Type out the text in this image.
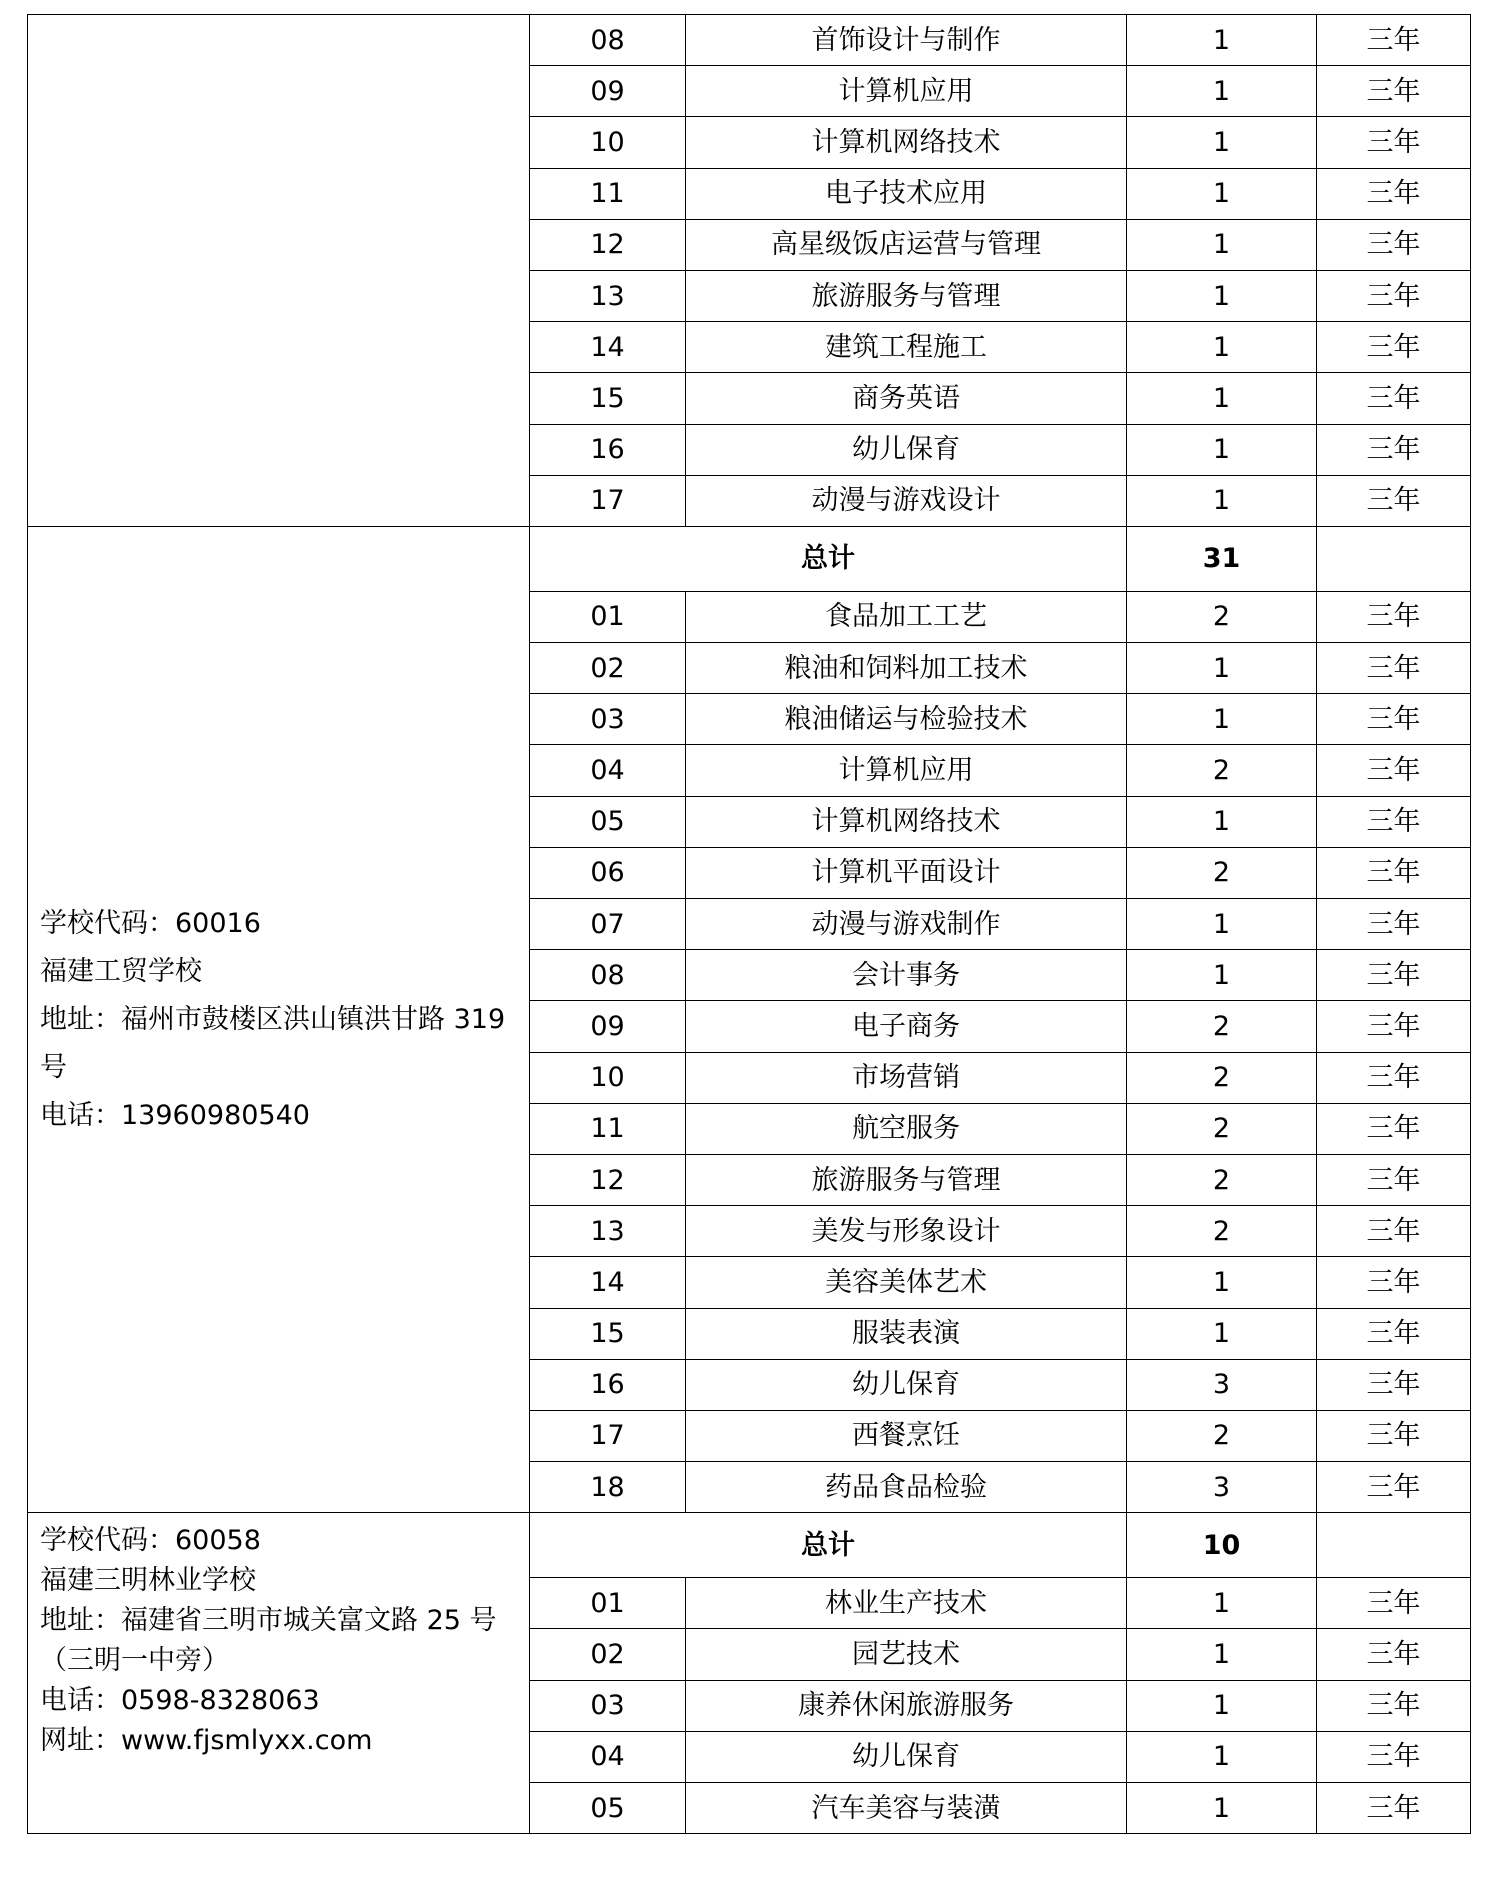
	08	首饰设计与制作	1	三年
	09	计算机应用	1	三年
	10	计算机网络技术	1	三年
	11	电子技术应用	1	三年
	12	高星级饭店运营与管理	1	三年
	13	旅游服务与管理	1	三年
	14	建筑工程施工	1	三年
	15	商务英语	1	三年
	16	幼儿保育	1	三年
	17	动漫与游戏设计	1	三年

学校代码：60016
福建工贸学校
地址：福州市鼓楼区洪山镇洪甘路 319 号
电话：13960980540	总计		31	
	01	食品加工工艺	2	三年
	02	粮油和饲料加工技术	1	三年
	03	粮油储运与检验技术	1	三年
	04	计算机应用	2	三年
	05	计算机网络技术	1	三年
	06	计算机平面设计	2	三年
	07	动漫与游戏制作	1	三年
	08	会计事务	1	三年
	09	电子商务	2	三年
	10	市场营销	2	三年
	11	航空服务	2	三年
	12	旅游服务与管理	2	三年
	13	美发与形象设计	2	三年
	14	美容美体艺术	1	三年
	15	服装表演	1	三年
	16	幼儿保育	3	三年
	17	西餐烹饪	2	三年
	18	药品食品检验	3	三年

学校代码：60058
福建三明林业学校
地址：福建省三明市城关富文路 25 号（三明一中旁）
电话：0598-8328063
网址：www.fjsmlyxx.com	总计		10	
	01	林业生产技术	1	三年
	02	园艺技术	1	三年
	03	康养休闲旅游服务	1	三年
	04	幼儿保育	1	三年
	05	汽车美容与装潢	1	三年
